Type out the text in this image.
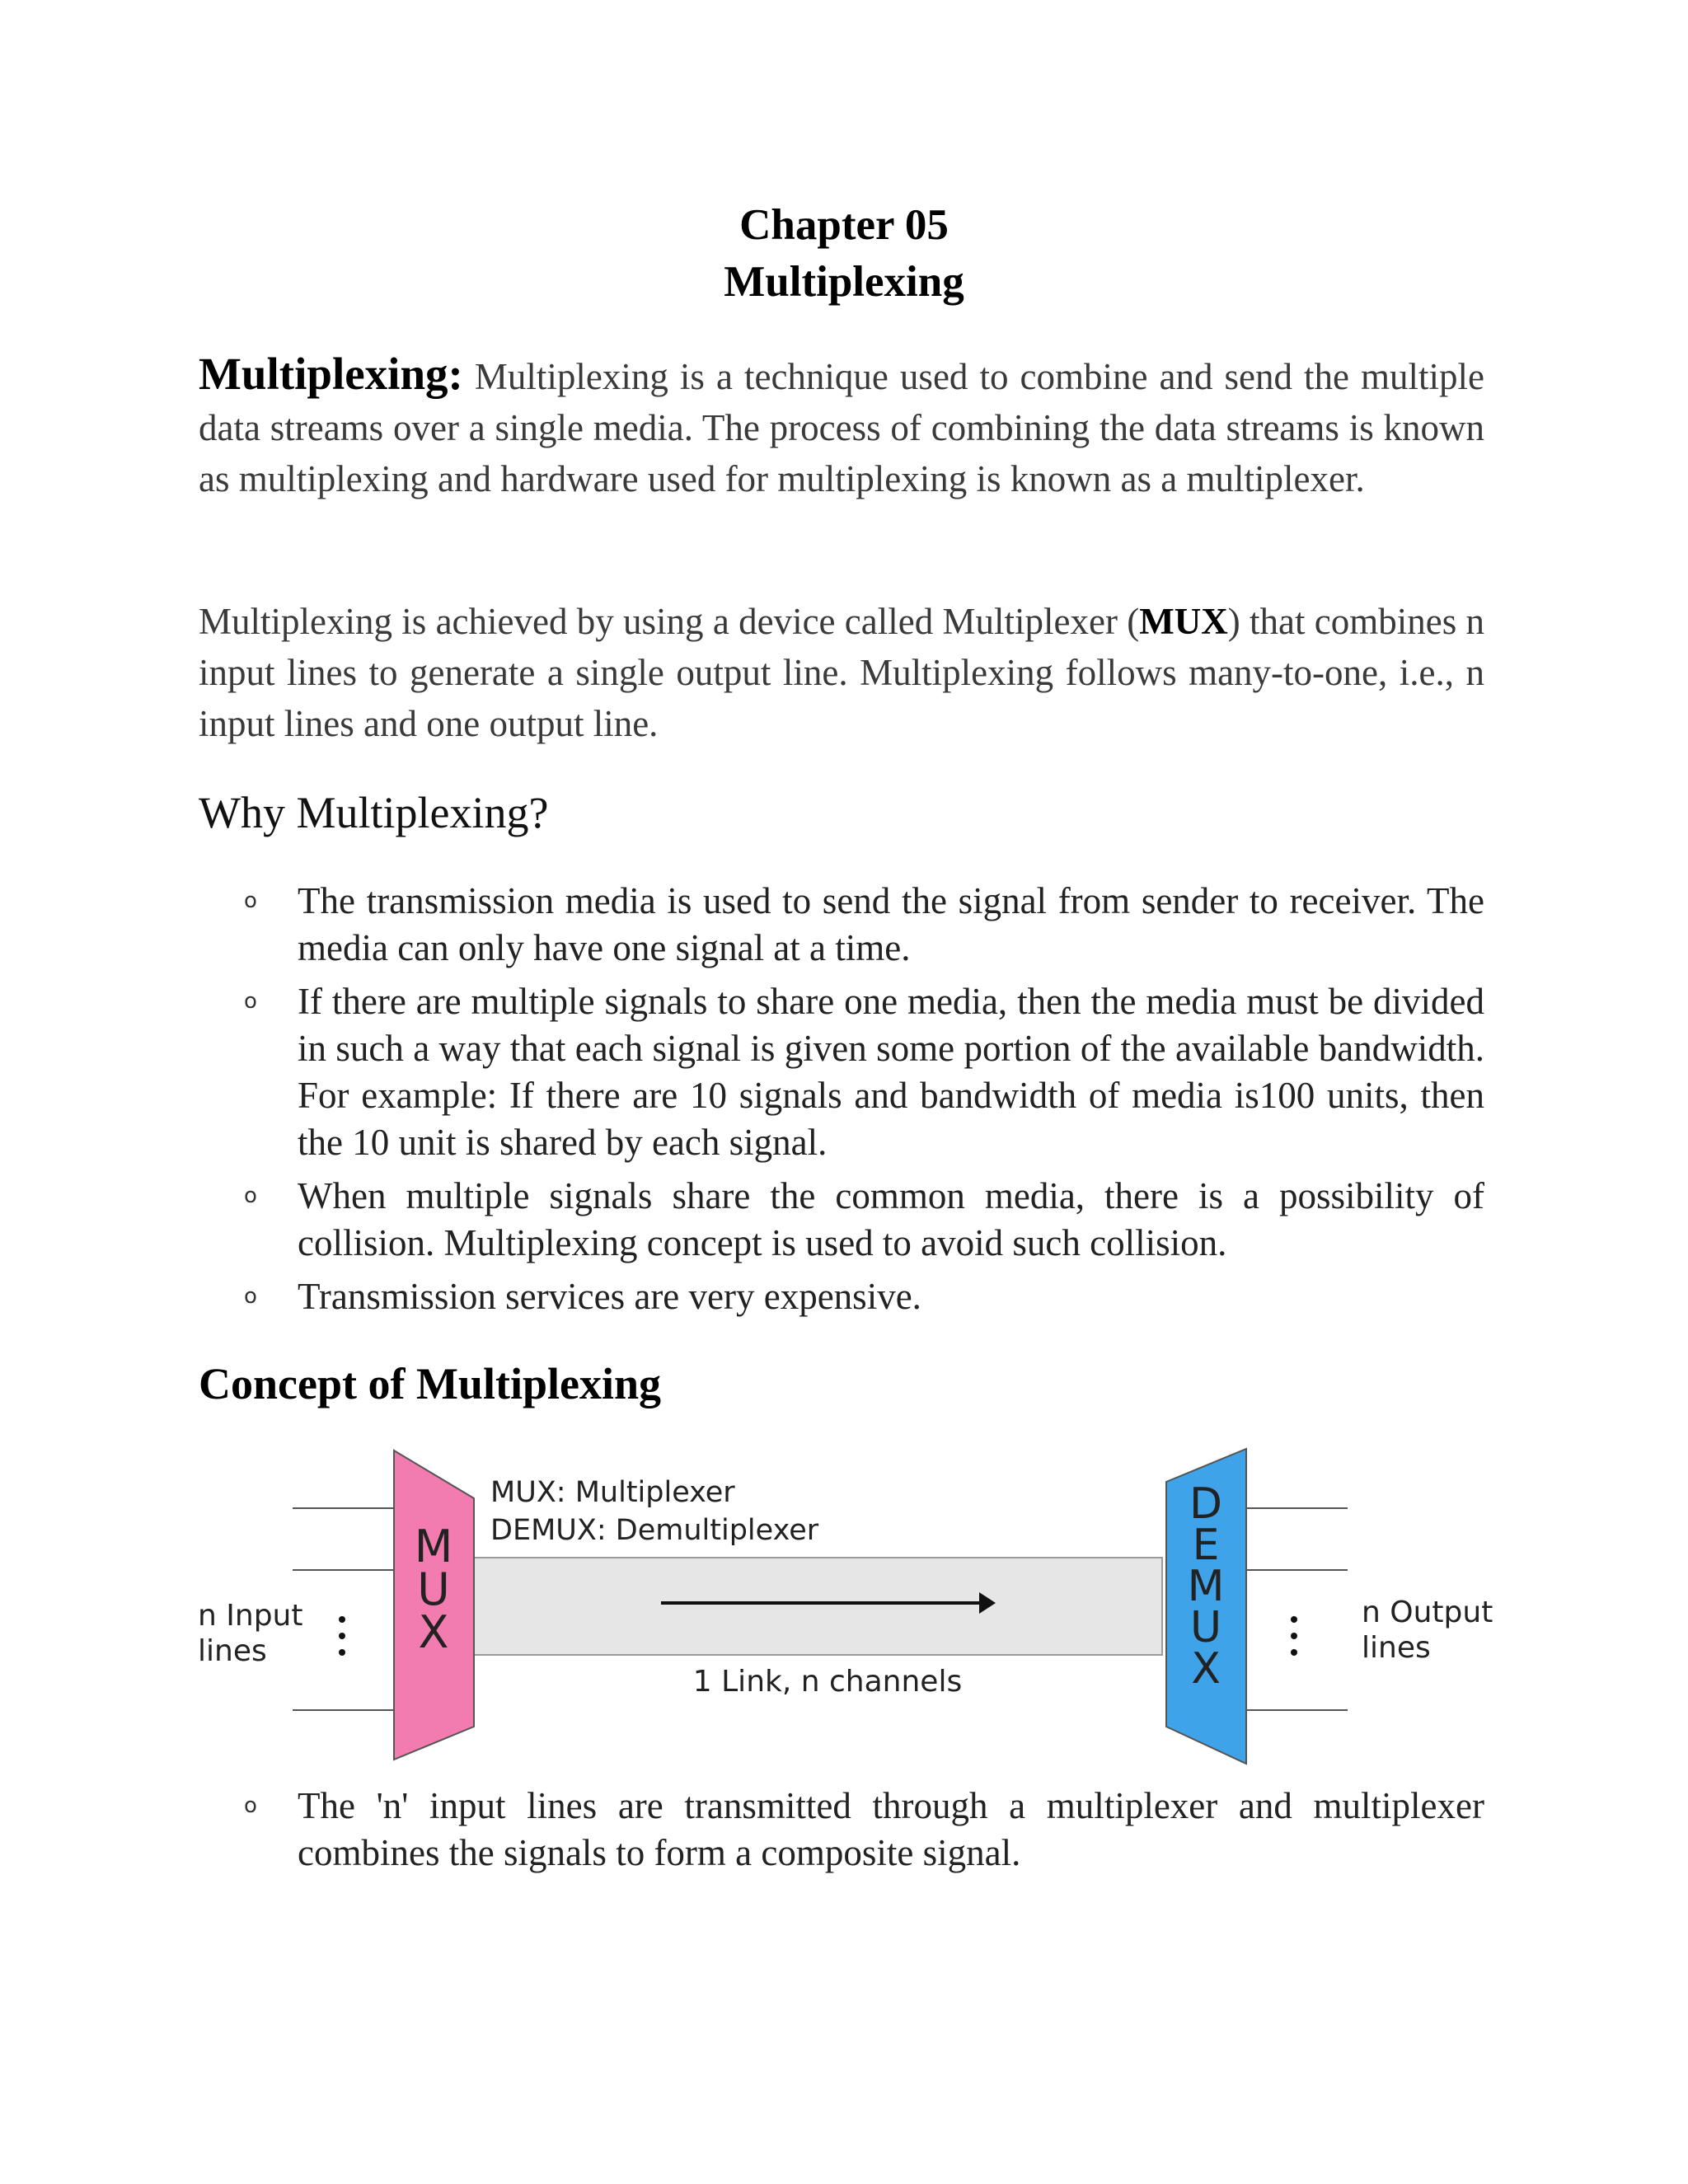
Chapter 05
Multiplexing

Multiplexing: Multiplexing is a technique used to combine and send the multiple data streams over a single media. The process of combining the data streams is known as multiplexing and hardware used for multiplexing is known as a multiplexer.

Multiplexing is achieved by using a device called Multiplexer (MUX) that combines n input lines to generate a single output line. Multiplexing follows many-to-one, i.e., n input lines and one output line.

Why Multiplexing?
o The transmission media is used to send the signal from sender to receiver. The media can only have one signal at a time.
o If there are multiple signals to share one media, then the media must be divided in such a way that each signal is given some portion of the available bandwidth. For example: If there are 10 signals and bandwidth of media is100 units, then the 10 unit is shared by each signal.
o When multiple signals share the common media, there is a possibility of collision. Multiplexing concept is used to avoid such collision.
o Transmission services are very expensive.
Concept of Multiplexing
M
U
X
D
E
M
U
X
MUX: Multiplexer
DEMUX: Demultiplexer
n Input
lines
n Output
lines
1 Link, n channels
o The 'n' input lines are transmitted through a multiplexer and multiplexer combines the signals to form a composite signal.
